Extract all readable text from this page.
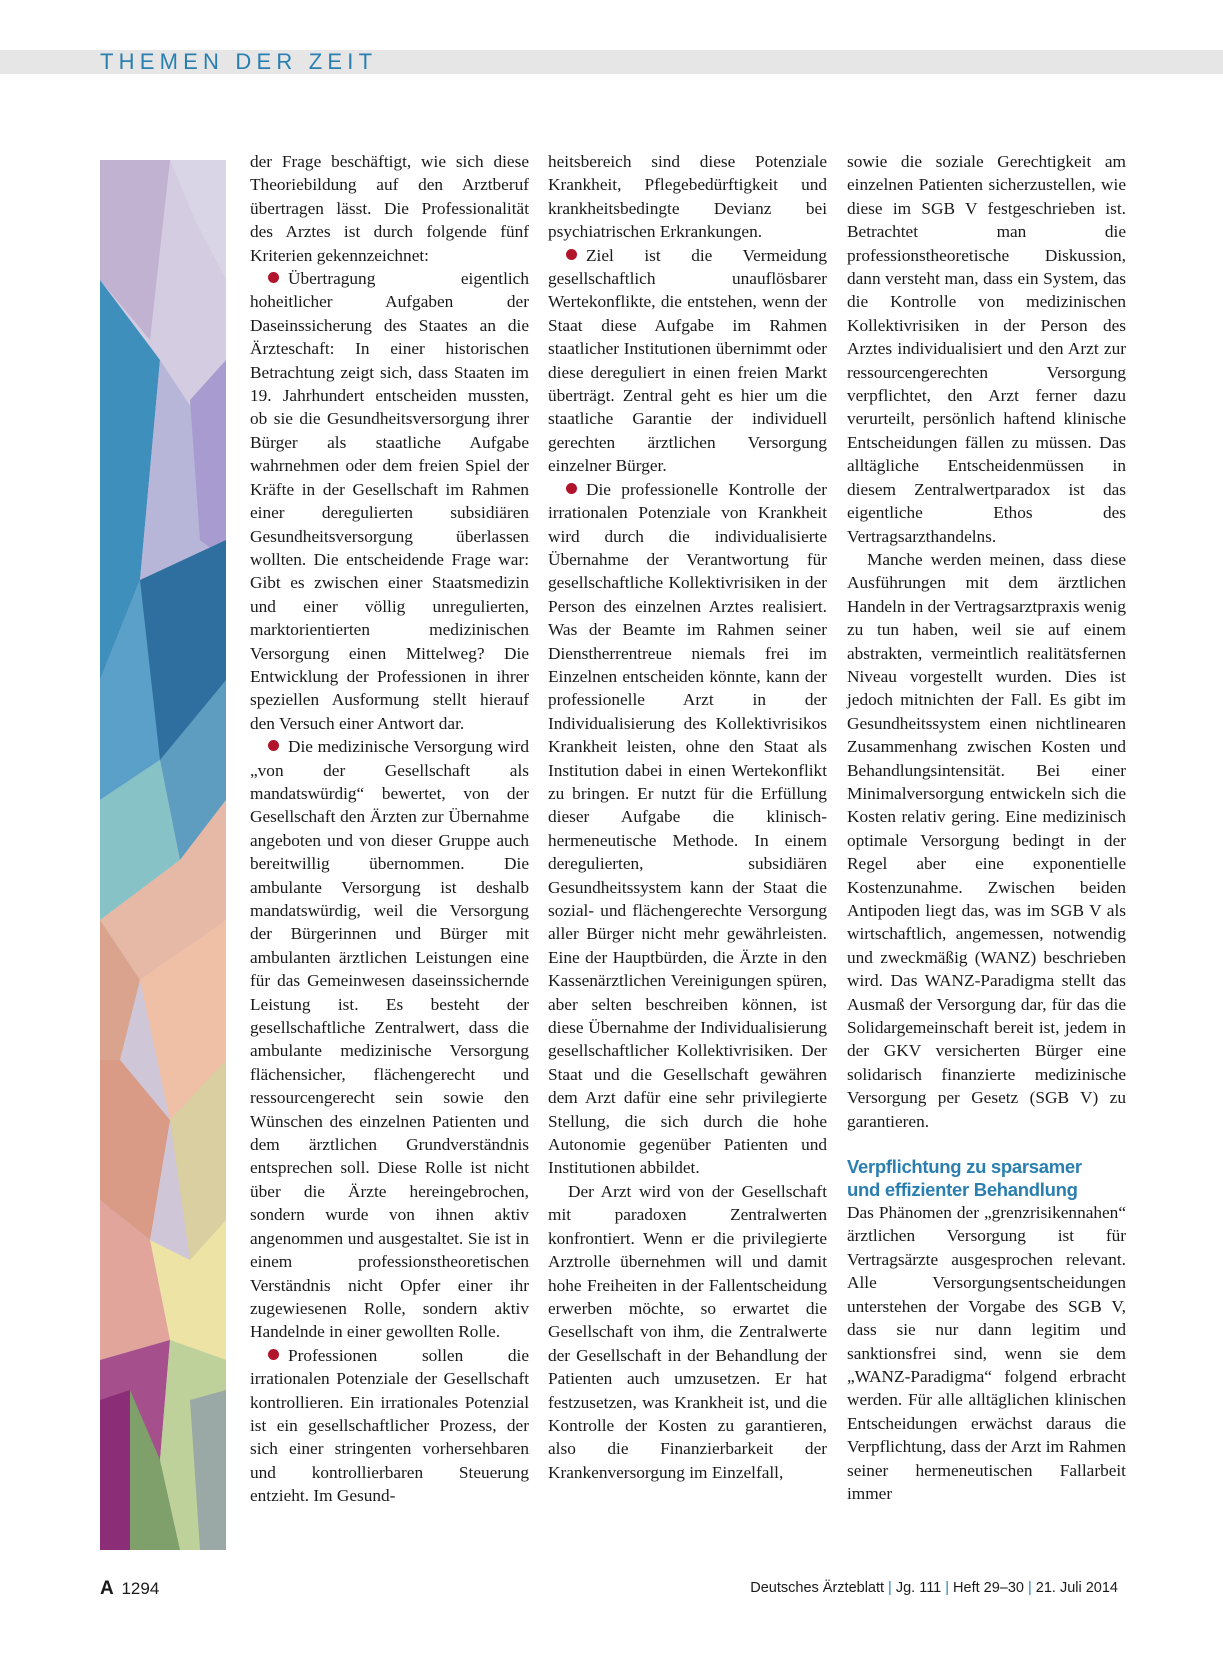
THEMEN DER ZEIT

der Frage beschäftigt, wie sich diese Theoriebildung auf den Arztberuf übertragen lässt. Die Professionalität des Arztes ist durch folgende fünf Kriterien gekennzeichnet:

Übertragung eigentlich hoheitlicher Aufgaben der Daseinssicherung des Staates an die Ärzteschaft: In einer historischen Betrachtung zeigt sich, dass Staaten im 19. Jahrhundert entscheiden mussten, ob sie die Gesundheitsversorgung ihrer Bürger als staatliche Aufgabe wahrnehmen oder dem freien Spiel der Kräfte in der Gesellschaft im Rahmen einer deregulierten subsidiären Gesundheitsversorgung überlassen wollten. Die entscheidende Frage war: Gibt es zwischen einer Staatsmedizin und einer völlig unregulierten, marktorientierten medizinischen Versorgung einen Mittelweg? Die Entwicklung der Professionen in ihrer speziellen Ausformung stellt hierauf den Versuch einer Antwort dar.

Die medizinische Versorgung wird „von der Gesellschaft als mandatswürdig“ bewertet, von der Gesellschaft den Ärzten zur Übernahme angeboten und von dieser Gruppe auch bereitwillig übernommen. Die ambulante Versorgung ist deshalb mandatswürdig, weil die Versorgung der Bürgerinnen und Bürger mit ambulanten ärztlichen Leistungen eine für das Gemeinwesen daseinssichernde Leistung ist. Es besteht der gesellschaftliche Zentralwert, dass die ambulante medizinische Versorgung flächensicher, flächengerecht und ressourcengerecht sein sowie den Wünschen des einzelnen Patienten und dem ärztlichen Grundverständnis entsprechen soll. Diese Rolle ist nicht über die Ärzte hereingebrochen, sondern wurde von ihnen aktiv angenommen und ausgestaltet. Sie ist in einem professionstheoretischen Verständnis nicht Opfer einer ihr zugewiesenen Rolle, sondern aktiv Handelnde in einer gewollten Rolle.

Professionen sollen die irrationalen Potenziale der Gesellschaft kontrollieren. Ein irrationales Potenzial ist ein gesellschaftlicher Prozess, der sich einer stringenten vorhersehbaren und kontrollierbaren Steuerung entzieht. Im Gesund-

heitsbereich sind diese Potenziale Krankheit, Pflegebedürftigkeit und krankheitsbedingte Devianz bei psychiatrischen Erkrankungen.

Ziel ist die Vermeidung gesellschaftlich unauflösbarer Wertekonflikte, die entstehen, wenn der Staat diese Aufgabe im Rahmen staatlicher Institutionen übernimmt oder diese dereguliert in einen freien Markt überträgt. Zentral geht es hier um die staatliche Garantie der individuell gerechten ärztlichen Versorgung einzelner Bürger.

Die professionelle Kontrolle der irrationalen Potenziale von Krankheit wird durch die individualisierte Übernahme der Verantwortung für gesellschaftliche Kollektivrisiken in der Person des einzelnen Arztes realisiert. Was der Beamte im Rahmen seiner Dienstherrentreue niemals frei im Einzelnen entscheiden könnte, kann der professionelle Arzt in der Individualisierung des Kollektivrisikos Krankheit leisten, ohne den Staat als Institution dabei in einen Wertekonflikt zu bringen. Er nutzt für die Erfüllung dieser Aufgabe die klinisch-hermeneutische Methode. In einem deregulierten, subsidiären Gesundheitssystem kann der Staat die sozial- und flächengerechte Versorgung aller Bürger nicht mehr gewährleisten. Eine der Hauptbürden, die Ärzte in den Kassenärztlichen Vereinigungen spüren, aber selten beschreiben können, ist diese Übernahme der Individualisierung gesellschaftlicher Kollektivrisiken. Der Staat und die Gesellschaft gewähren dem Arzt dafür eine sehr privilegierte Stellung, die sich durch die hohe Autonomie gegenüber Patienten und Institutionen abbildet.

Der Arzt wird von der Gesellschaft mit paradoxen Zentralwerten konfrontiert. Wenn er die privilegierte Arztrolle übernehmen will und damit hohe Freiheiten in der Fallentscheidung erwerben möchte, so erwartet die Gesellschaft von ihm, die Zentralwerte der Gesellschaft in der Behandlung der Patienten auch umzusetzen. Er hat festzusetzen, was Krankheit ist, und die Kontrolle der Kosten zu garantieren, also die Finanzierbarkeit der Krankenversorgung im Einzelfall,

sowie die soziale Gerechtigkeit am einzelnen Patienten sicherzustellen, wie diese im SGB V festgeschrieben ist. Betrachtet man die professionstheoretische Diskussion, dann versteht man, dass ein System, das die Kontrolle von medizinischen Kollektivrisiken in der Person des Arztes individualisiert und den Arzt zur ressourcengerechten Versorgung verpflichtet, den Arzt ferner dazu verurteilt, persönlich haftend klinische Entscheidungen fällen zu müssen. Das alltägliche Entscheidenmüssen in diesem Zentralwertparadox ist das eigentliche Ethos des Vertragsarzthandelns.

Manche werden meinen, dass diese Ausführungen mit dem ärztlichen Handeln in der Vertragsarztpraxis wenig zu tun haben, weil sie auf einem abstrakten, vermeintlich realitätsfernen Niveau vorgestellt wurden. Dies ist jedoch mitnichten der Fall. Es gibt im Gesundheitssystem einen nichtlinearen Zusammenhang zwischen Kosten und Behandlungsintensität. Bei einer Minimalversorgung entwickeln sich die Kosten relativ gering. Eine medizinisch optimale Versorgung bedingt in der Regel aber eine exponentielle Kostenzunahme. Zwischen beiden Antipoden liegt das, was im SGB V als wirtschaftlich, angemessen, notwendig und zweckmäßig (WANZ) beschrieben wird. Das WANZ-Paradigma stellt das Ausmaß der Versorgung dar, für das die Solidargemeinschaft bereit ist, jedem in der GKV versicherten Bürger eine solidarisch finanzierte medizinische Versorgung per Gesetz (SGB V) zu garantieren.

Verpflichtung zu sparsamer
und effizienter Behandlung

Das Phänomen der „grenzrisikennahen“ ärztlichen Versorgung ist für Vertragsärzte ausgesprochen relevant. Alle Versorgungsentscheidungen unterstehen der Vorgabe des SGB V, dass sie nur dann legitim und sanktionsfrei sind, wenn sie dem „WANZ-Paradigma“ folgend erbracht werden. Für alle alltäglichen klinischen Entscheidungen erwächst daraus die Verpflichtung, dass der Arzt im Rahmen seiner hermeneutischen Fallarbeit immer

A 1294	Deutsches Ärzteblatt | Jg. 111 | Heft 29–30 | 21. Juli 2014
